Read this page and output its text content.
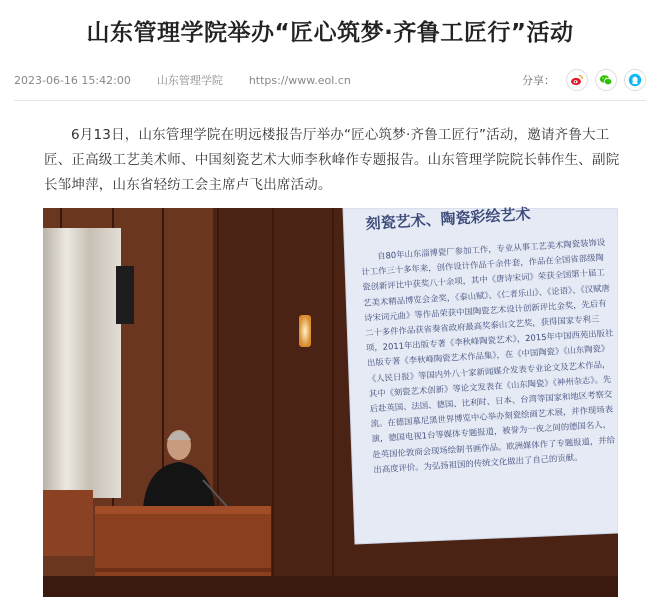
山东管理学院举办“匠心筑梦·齐鲁工匠行”活动
2023-06-16 15:42:00 山东管理学院 https://www.eol.cn	分享：

6月13日，山东管理学院在明远楼报告厅举办“匠心筑梦·齐鲁工匠行”活动，邀请齐鲁大工匠、正高级工艺美术师、中国刻瓷艺术大师李秋峰作专题报告。山东管理学院院长韩作生、副院长邹坤萍，山东省轻纺工会主席卢飞出席活动。

刻瓷艺术、陶瓷彩绘艺术

自80年山东淄博瓷厂参加工作，专业从事工艺美术陶瓷装饰设计工作三十多年来，创作设计作品千余件套，作品在全国省部级陶瓷创新评比中获奖八十余项，其中《唐诗宋词》荣获全国第十届工艺美术精品博览会金奖，《泰山赋》、《仁者乐山》、《论语》、《汉赋唐诗宋词元曲》等作品荣获中国陶瓷艺术设计创新评比金奖，先后有二十多件作品获省奏省政府最高奖泰山文艺奖，获得国家专利三项，2011年出版专著《李秋峰陶瓷艺术》，2015年中国西苑出版社出版专著《李秋峰陶瓷艺术作品集》，在《中国陶瓷》《山东陶瓷》《人民日报》等国内外八十家新闻媒介发表专业论文及艺术作品，其中《刻瓷艺术创新》等论文发表在《山东陶瓷》《神州杂志》。先后赴英国、法国、德国、比利时、日本、台湾等国家和地区考察交流。在德国慕尼黑世界博览中心举办刻瓷绘画艺术展，并作现场表演，德国电视1台等媒体专题报道，被誉为一夜之间的德国名人，赴英国伦敦商会现场绘制书画作品。欧洲媒体作了专题报道，并给出高度评价。为弘扬祖国的传统文化做出了自己的贡献。
